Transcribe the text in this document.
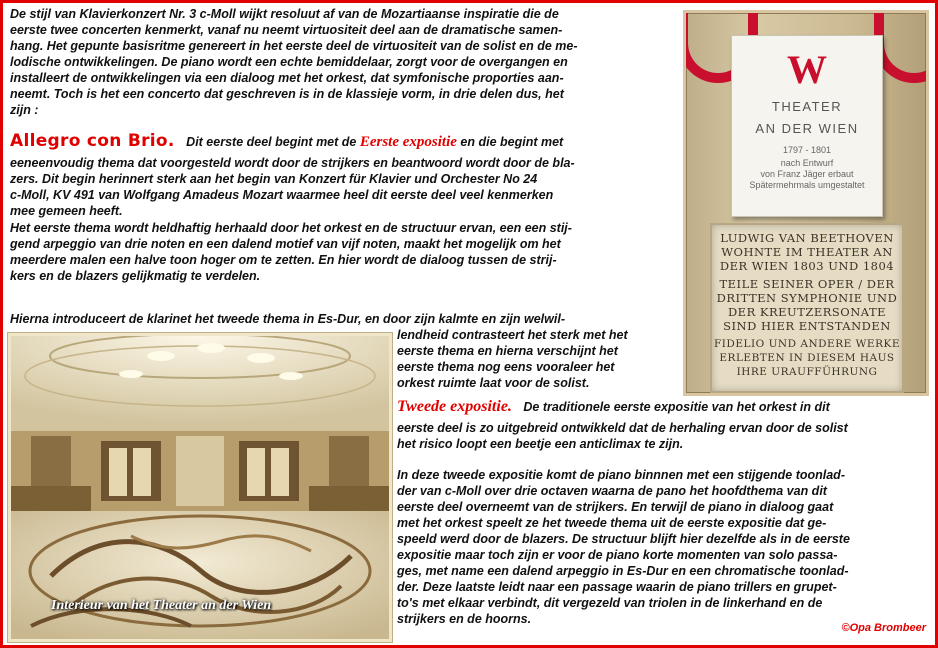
De stijl van Klavierkonzert Nr. 3 c-Moll wijkt resoluut af van de Mozartiaanse inspiratie die de
eerste twee concerten kenmerkt, vanaf nu neemt virtuositeit deel aan de dramatische samen-
hang. Het gepunte basisritme genereert in het eerste deel de virtuositeit van de solist en de me-
lodische ontwikkelingen. De piano wordt een echte bemiddelaar, zorgt voor de overgangen en
installeert de ontwikkelingen via een dialoog met het orkest, dat symfonische proporties aan-
neemt. Toch is het een concerto dat geschreven is in de klassieje vorm, in drie delen dus, het
zijn :
Allegro con Brio. Dit eerste deel begint met de Eerste expositie en die begint met
eeneenvoudig thema dat voorgesteld wordt door de strijkers en beantwoord wordt door de bla-
zers. Dit begin herinnert sterk aan het begin van Konzert für Klavier und Orchester No 24
c-Moll, KV 491 van Wolfgang Amadeus Mozart waarmee heel dit eerste deel veel kenmerken
mee gemeen heeft.
Het eerste thema wordt heldhaftig herhaald door het orkest en de structuur ervan, een een stij-
gend arpeggio van drie noten en een dalend motief van vijf noten, maakt het mogelijk om het
meerdere malen een halve toon hoger om te zetten. En hier wordt de dialoog tussen de strij-
kers en de blazers gelijkmatig te verdelen.
Hierna introduceert de klarinet het tweede thema in Es-Dur, en door zijn kalmte en zijn welwil-
lendheid contrasteert het sterk met het
eerste thema en hierna verschijnt het
eerste thema nog eens vooraleer het
orkest ruimte laat voor de solist.
Tweede expositie. De traditionele eerste expositie van het orkest in dit
eerste deel is zo uitgebreid ontwikkeld dat de herhaling ervan door de solist
het risico loopt een beetje een anticlimax te zijn.
In deze tweede expositie komt de piano binnnen met een stijgende toonlad-
der van c-Moll over drie octaven waarna de pano het hoofdthema van dit
eerste deel overneemt van de strijkers. En terwijl de piano in dialoog gaat
met het orkest speelt ze het tweede thema uit de eerste expositie dat ge-
speeld werd door de blazers. De structuur blijft hier dezelfde als in de eerste
expositie maar toch zijn er voor de piano korte momenten van solo passa-
ges, met name een dalend arpeggio in Es-Dur en een chromatische toonlad-
der. Deze laatste leidt naar een passage waarin de piano trillers en grupet-
to's met elkaar verbindt, dit vergezeld van triolen in de linkerhand en de
strijkers en de hoorns.
©Opa Brombeer
W
THEATER
AN DER WIEN
1797 - 1801
nach Entwurf
von Franz Jäger erbaut
Spätermehrmals umgestaltet
LUDWIG VAN BEETHOVEN
WOHNTE IM THEATER AN
DER WIEN 1803 UND 1804
TEILE SEINER OPER / DER
DRITTEN SYMPHONIE UND
DER KREUTZERSONATE
SIND HIER ENTSTANDEN
FIDELIO UND ANDERE WERKE
ERLEBTEN IN DIESEM HAUS
IHRE URAUFFÜHRUNG
Interieur van het Theater an der Wien
